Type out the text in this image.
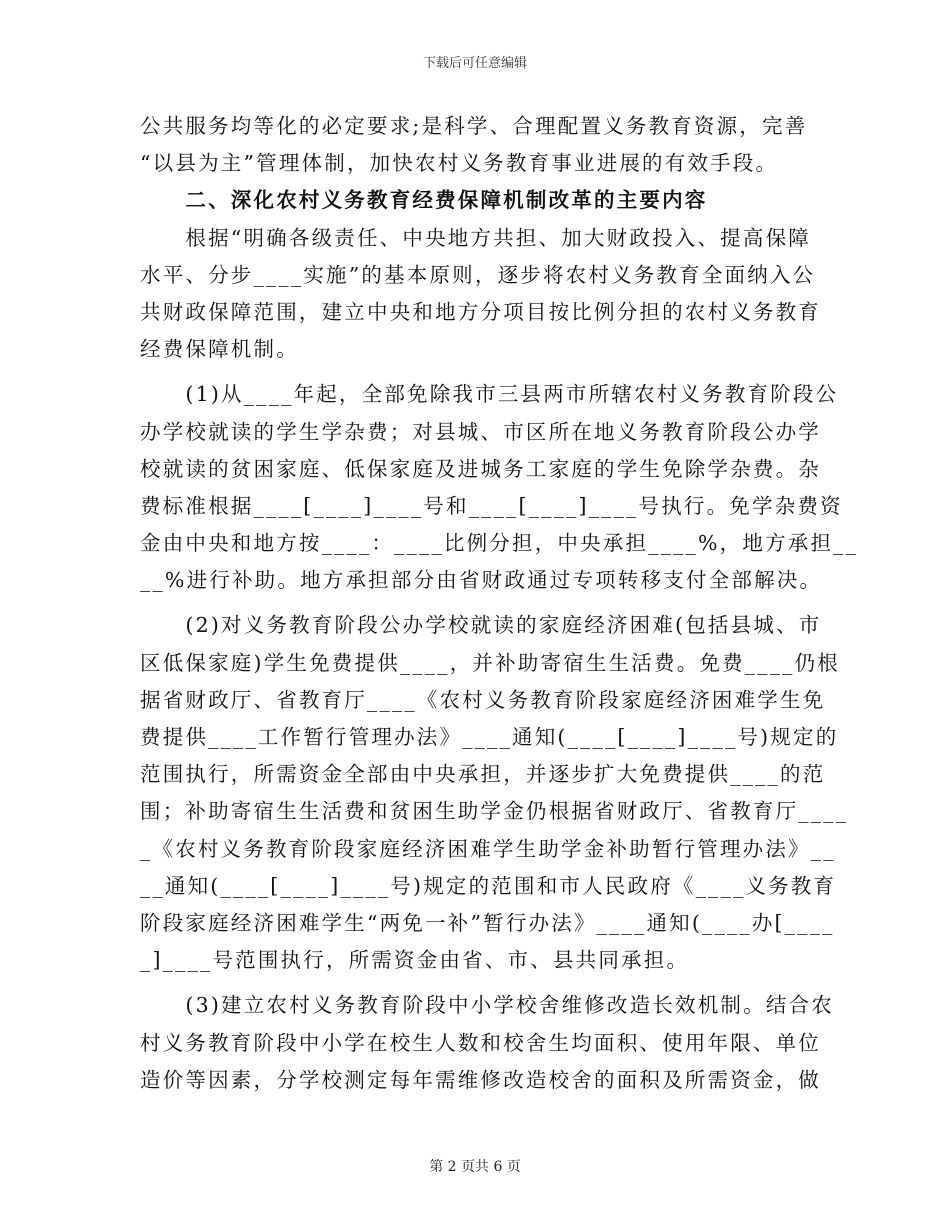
下载后可任意编辑
公共服务均等化的必定要求;是科学、合理配置义务教育资源，完善
“以县为主”管理体制，加快农村义务教育事业进展的有效手段。
二、深化农村义务教育经费保障机制改革的主要内容
根据“明确各级责任、中央地方共担、加大财政投入、提高保障
水平、分步____实施”的基本原则，逐步将农村义务教育全面纳入公
共财政保障范围，建立中央和地方分项目按比例分担的农村义务教育
经费保障机制。
(1)从____年起，全部免除我市三县两市所辖农村义务教育阶段公
办学校就读的学生学杂费；对县城、市区所在地义务教育阶段公办学
校就读的贫困家庭、低保家庭及进城务工家庭的学生免除学杂费。杂
费标准根据____[____]____号和____[____]____号执行。免学杂费资
金由中央和地方按____：____比例分担，中央承担____%，地方承担__
__%进行补助。地方承担部分由省财政通过专项转移支付全部解决。
(2)对义务教育阶段公办学校就读的家庭经济困难(包括县城、市
区低保家庭)学生免费提供____，并补助寄宿生生活费。免费____仍根
据省财政厅、省教育厅____《农村义务教育阶段家庭经济困难学生免
费提供____工作暂行管理办法》____通知(____[____]____号)规定的
范围执行，所需资金全部由中央承担，并逐步扩大免费提供____的范
围；补助寄宿生生活费和贫困生助学金仍根据省财政厅、省教育厅____
_《农村义务教育阶段家庭经济困难学生助学金补助暂行管理办法》__
__通知(____[____]____号)规定的范围和市人民政府《____义务教育
阶段家庭经济困难学生“两免一补”暂行办法》____通知(____办[____
_]____号范围执行，所需资金由省、市、县共同承担。
(3)建立农村义务教育阶段中小学校舍维修改造长效机制。结合农
村义务教育阶段中小学在校生人数和校舍生均面积、使用年限、单位
造价等因素，分学校测定每年需维修改造校舍的面积及所需资金，做
第 2 页共 6 页
